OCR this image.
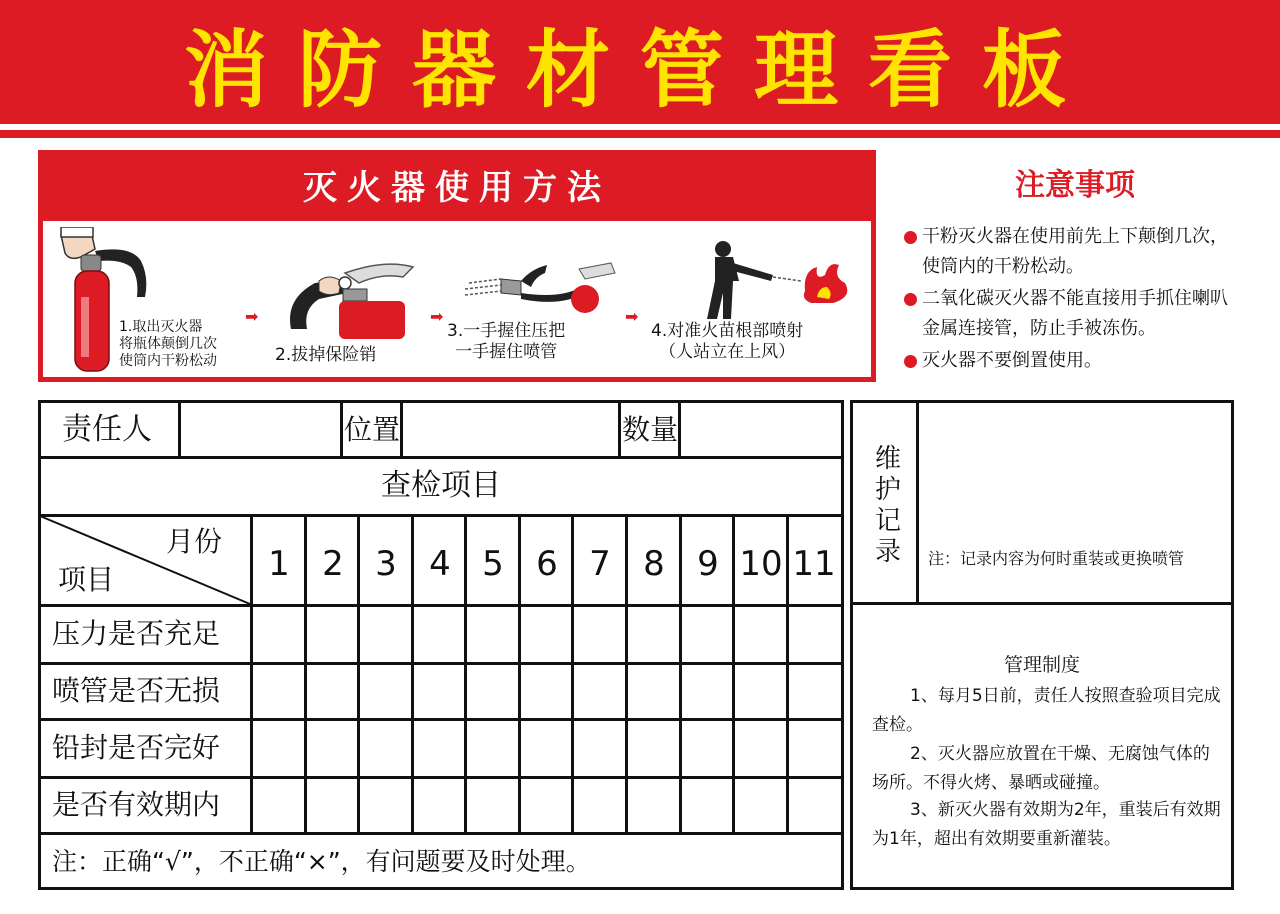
消防器材管理看板
灭火器使用方法
1.取出灭火器
将瓶体颠倒几次
使筒内干粉松动
➡
2.拔掉保险销
➡
3.一手握住压把
一手握住喷管
➡
4.对准火苗根部喷射
（人站立在上风）
注意事项
干粉灭火器在使用前先上下颠倒几次，使筒内的干粉松动。
二氧化碳灭火器不能直接用手抓住喇叭金属连接管，防止手被冻伤。
灭火器不要倒置使用。
责任人	位置	数量
查检项目
月份
项目	1 2 3 4 5 6 7 8 9 10 11
压力是否充足
喷管是否无损
铅封是否完好
是否有效期内
注：正确“√”，不正确“×”，有问题要及时处理。
维护记录	注：记录内容为何时重装或更换喷管
管理制度
1、每月5日前，责任人按照查验项目完成查检。
2、灭火器应放置在干燥、无腐蚀气体的场所。不得火烤、暴晒或碰撞。
3、新灭火器有效期为2年，重装后有效期为1年，超出有效期要重新灌装。
